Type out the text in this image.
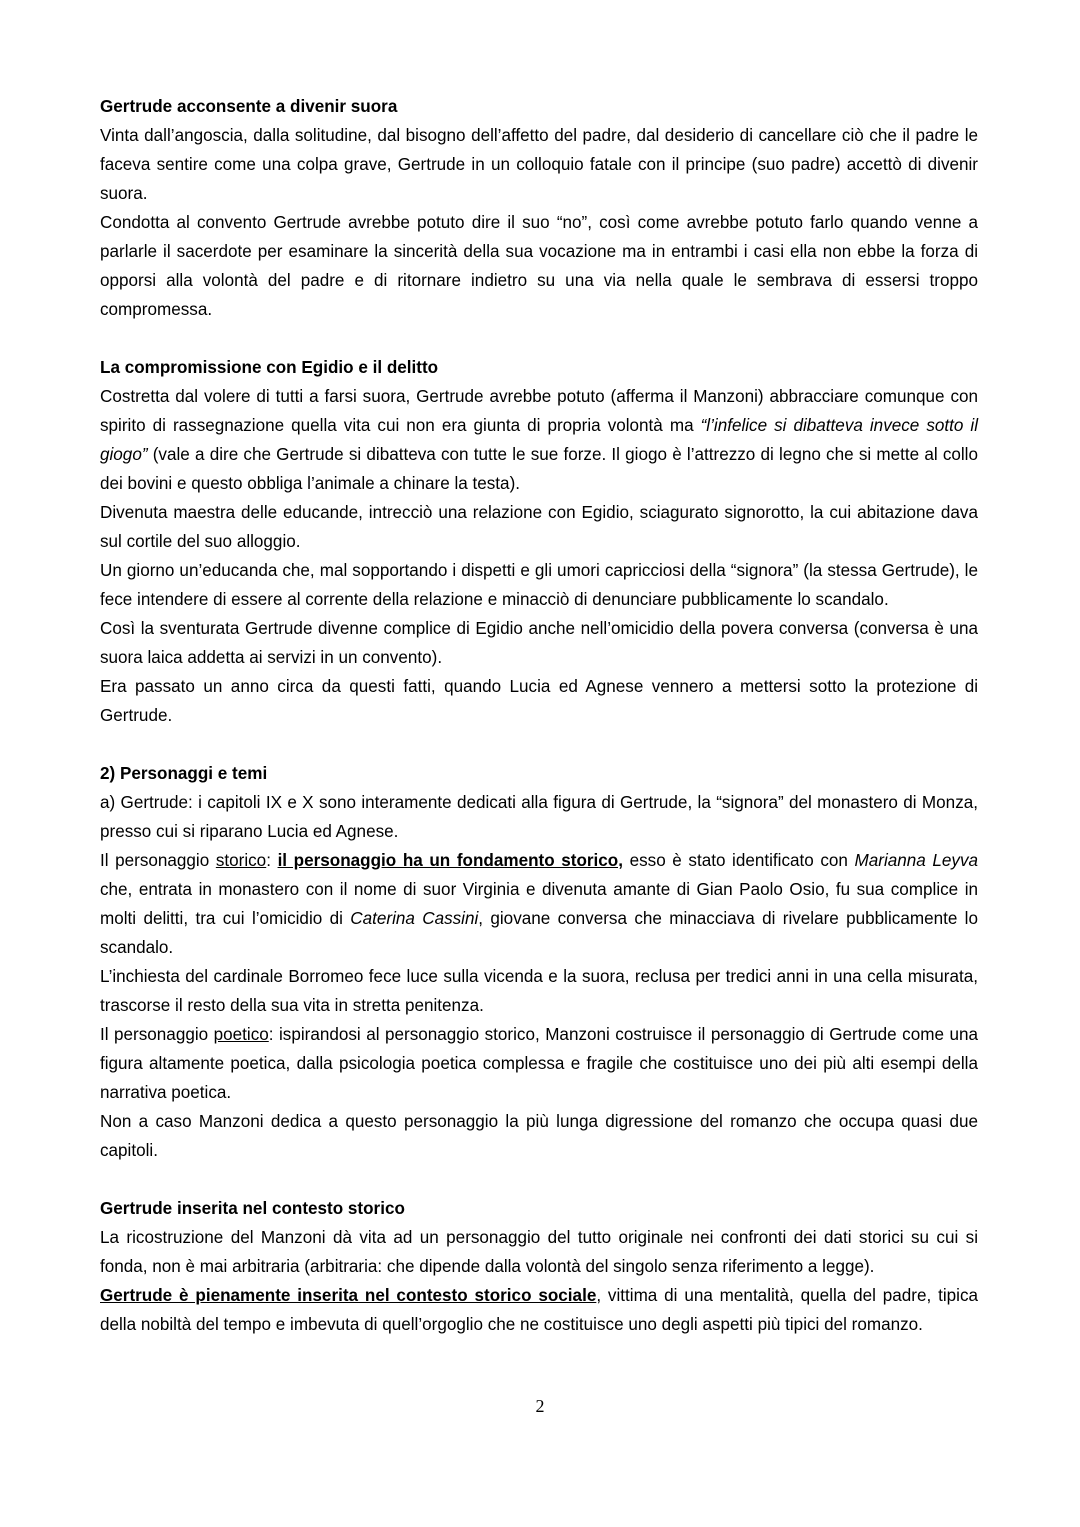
Gertrude acconsente a divenir suora

Vinta dall’angoscia, dalla solitudine, dal bisogno dell’affetto del padre, dal desiderio di cancellare ciò che il padre le faceva sentire come una colpa grave, Gertrude in un colloquio fatale con il principe (suo padre) accettò di divenir suora.

Condotta al convento Gertrude avrebbe potuto dire il suo “no”, così come avrebbe potuto farlo quando venne a parlarle il sacerdote per esaminare la sincerità della sua vocazione ma in entrambi i casi ella non ebbe la forza di opporsi alla volontà del padre e di ritornare indietro su una via nella quale le sembrava di essersi troppo compromessa.

La compromissione con Egidio e il delitto

Costretta dal volere di tutti a farsi suora, Gertrude avrebbe potuto (afferma il Manzoni) abbracciare comunque con spirito di rassegnazione quella vita cui non era giunta di propria volontà ma “l’infelice si dibatteva invece sotto il giogo” (vale a dire che Gertrude si dibatteva con tutte le sue forze. Il giogo è l’attrezzo di legno che si mette al collo dei bovini e questo obbliga l’animale a chinare la testa).

Divenuta maestra delle educande, intrecciò una relazione con Egidio, sciagurato signorotto, la cui abitazione dava sul cortile del suo alloggio.

Un giorno un’educanda che, mal sopportando i dispetti e gli umori capricciosi della “signora” (la stessa Gertrude), le fece intendere di essere al corrente della relazione e minacciò di denunciare pubblicamente lo scandalo.

Così la sventurata Gertrude divenne complice di Egidio anche nell’omicidio della povera conversa (conversa è una suora laica addetta ai servizi in un convento).

Era passato un anno circa da questi fatti, quando Lucia ed Agnese vennero a mettersi sotto la protezione di Gertrude.

2) Personaggi e temi

a) Gertrude: i capitoli IX e X sono interamente dedicati alla figura di Gertrude, la “signora” del monastero di Monza, presso cui si riparano Lucia ed Agnese.

Il personaggio storico: il personaggio ha un fondamento storico, esso è stato identificato con Marianna Leyva che, entrata in monastero con il nome di suor Virginia e divenuta amante di Gian Paolo Osio, fu sua complice in molti delitti, tra cui l’omicidio di Caterina Cassini, giovane conversa che minacciava di rivelare pubblicamente lo scandalo.

L’inchiesta del cardinale Borromeo fece luce sulla vicenda e la suora, reclusa per tredici anni in una cella misurata, trascorse il resto della sua vita in stretta penitenza.

Il personaggio poetico: ispirandosi al personaggio storico, Manzoni costruisce il personaggio di Gertrude come una figura altamente poetica, dalla psicologia poetica complessa e fragile che costituisce uno dei più alti esempi della narrativa poetica.

Non a caso Manzoni dedica a questo personaggio la più lunga digressione del romanzo che occupa quasi due capitoli.

Gertrude inserita nel contesto storico

La ricostruzione del Manzoni dà vita ad un personaggio del tutto originale nei confronti dei dati storici su cui si fonda, non è mai arbitraria (arbitraria: che dipende dalla volontà del singolo senza riferimento a legge).

Gertrude è pienamente inserita nel contesto storico sociale, vittima di una mentalità, quella del padre, tipica della nobiltà del tempo e imbevuta di quell’orgoglio che ne costituisce uno degli aspetti più tipici del romanzo.

2
